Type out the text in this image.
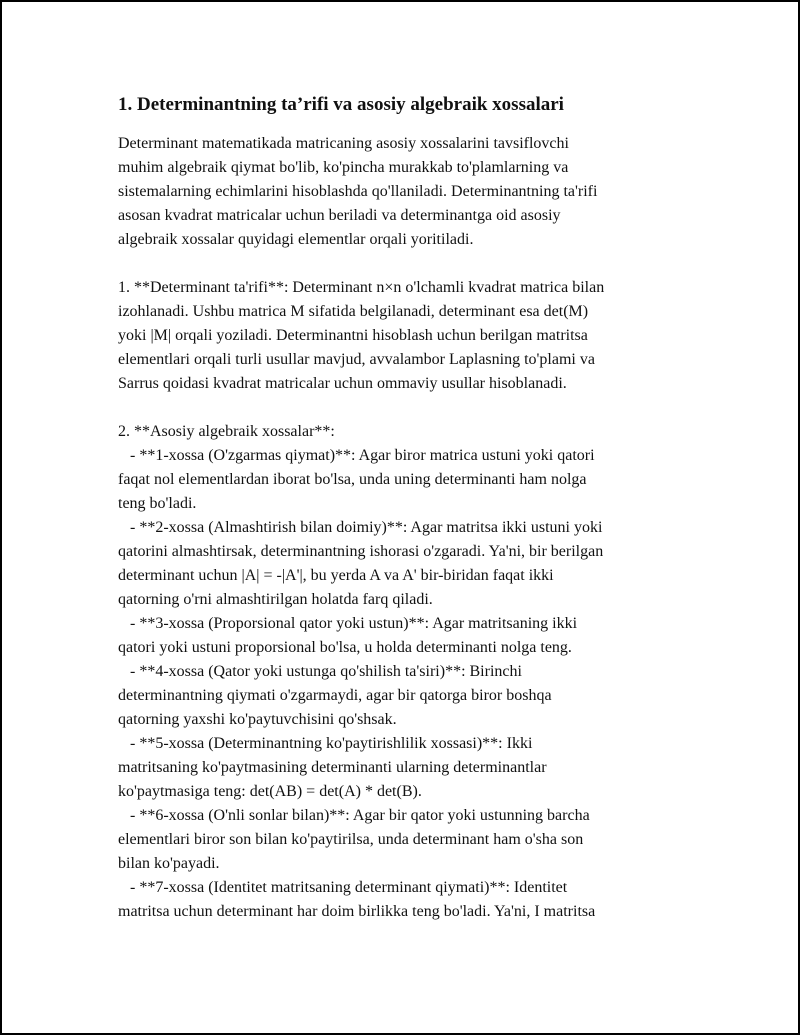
1. Determinantning ta’rifi va asosiy algebraik xossalari

Determinant matematikada matricaning asosiy xossalarini tavsiflovchi
muhim algebraik qiymat bo'lib, ko'pincha murakkab to'plamlarning va
sistemalarning echimlarini hisoblashda qo'llaniladi. Determinantning ta'rifi
asosan kvadrat matricalar uchun beriladi va determinantga oid asosiy
algebraik xossalar quyidagi elementlar orqali yoritiladi.

1. **Determinant ta'rifi**: Determinant n×n o'lchamli kvadrat matrica bilan
izohlanadi. Ushbu matrica M sifatida belgilanadi, determinant esa det(M)
yoki |M| orqali yoziladi. Determinantni hisoblash uchun berilgan matritsa
elementlari orqali turli usullar mavjud, avvalambor Laplasning to'plami va
Sarrus qoidasi kvadrat matricalar uchun ommaviy usullar hisoblanadi.

2. **Asosiy algebraik xossalar**:

- **1-xossa (O'zgarmas qiymat)**: Agar biror matrica ustuni yoki qatori
faqat nol elementlardan iborat bo'lsa, unda uning determinanti ham nolga
teng bo'ladi.

- **2-xossa (Almashtirish bilan doimiy)**: Agar matritsa ikki ustuni yoki
qatorini almashtirsak, determinantning ishorasi o'zgaradi. Ya'ni, bir berilgan
determinant uchun |A| = -|A'|, bu yerda A va A' bir-biridan faqat ikki
qatorning o'rni almashtirilgan holatda farq qiladi.

- **3-xossa (Proporsional qator yoki ustun)**: Agar matritsaning ikki
qatori yoki ustuni proporsional bo'lsa, u holda determinanti nolga teng.

- **4-xossa (Qator yoki ustunga qo'shilish ta'siri)**: Birinchi
determinantning qiymati o'zgarmaydi, agar bir qatorga biror boshqa
qatorning yaxshi ko'paytuvchisini qo'shsak.

- **5-xossa (Determinantning ko'paytirishlilik xossasi)**: Ikki
matritsaning ko'paytmasining determinanti ularning determinantlar
ko'paytmasiga teng: det(AB) = det(A) * det(B).

- **6-xossa (O'nli sonlar bilan)**: Agar bir qator yoki ustunning barcha
elementlari biror son bilan ko'paytirilsa, unda determinant ham o'sha son
bilan ko'payadi.

- **7-xossa (Identitet matritsaning determinant qiymati)**: Identitet
matritsa uchun determinant har doim birlikka teng bo'ladi. Ya'ni, I matritsa
